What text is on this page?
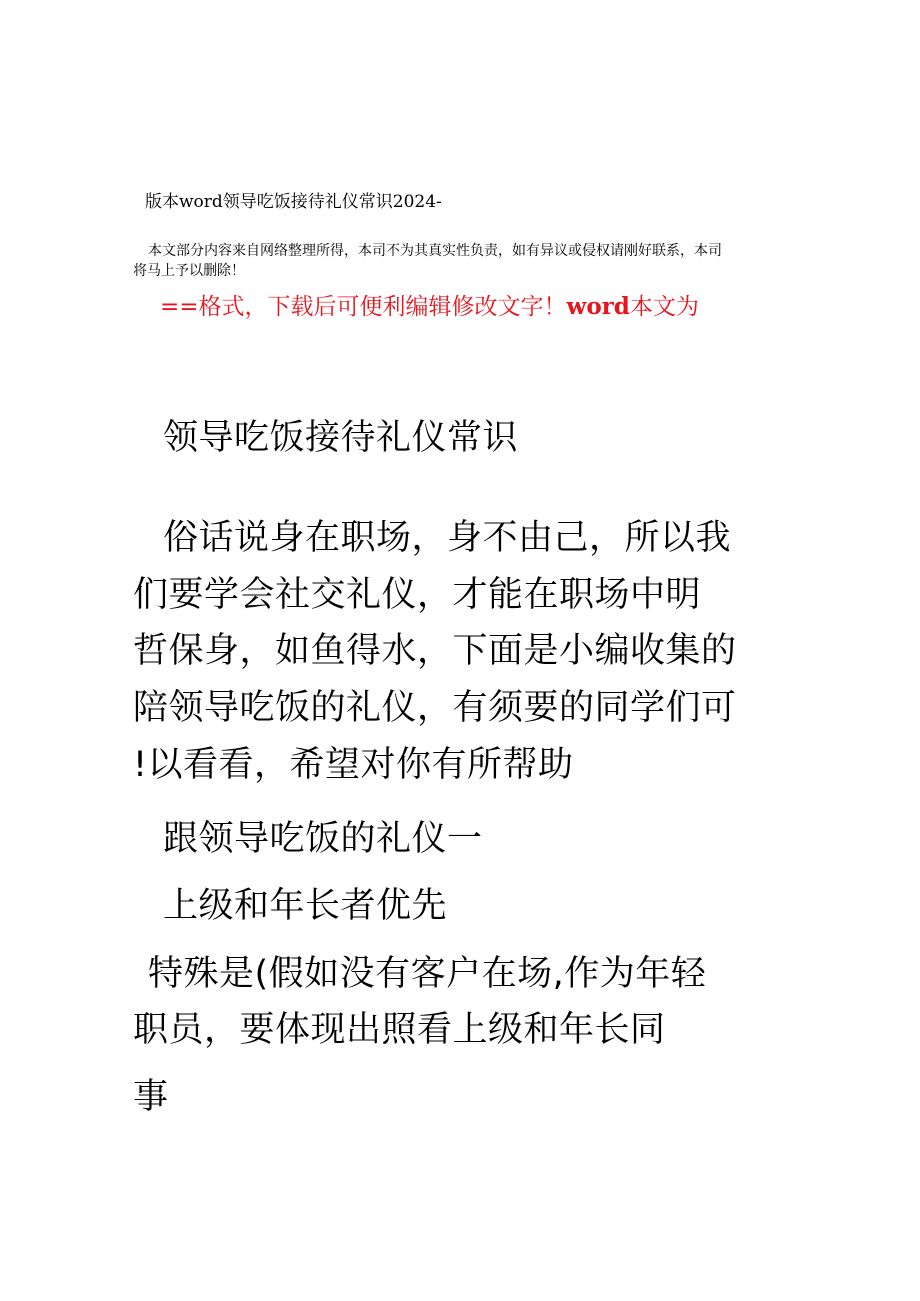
版本word领导吃饭接待礼仪常识2024-
本文部分内容来自网络整理所得，本司不为其真实性负责，如有异议或侵权请刚好联系，本司
将马上予以删除！
==格式，下载后可便利编辑修改文字！word本文为
领导吃饭接待礼仪常识
俗话说身在职场，身不由己，所以我
们要学会社交礼仪，才能在职场中明
哲保身，如鱼得水，下面是小编收集的
陪领导吃饭的礼仪，有须要的同学们可
!以看看，希望对你有所帮助
跟领导吃饭的礼仪一
上级和年长者优先
特殊是(假如没有客户在场,作为年轻
职员，要体现出照看上级和年长同
事
